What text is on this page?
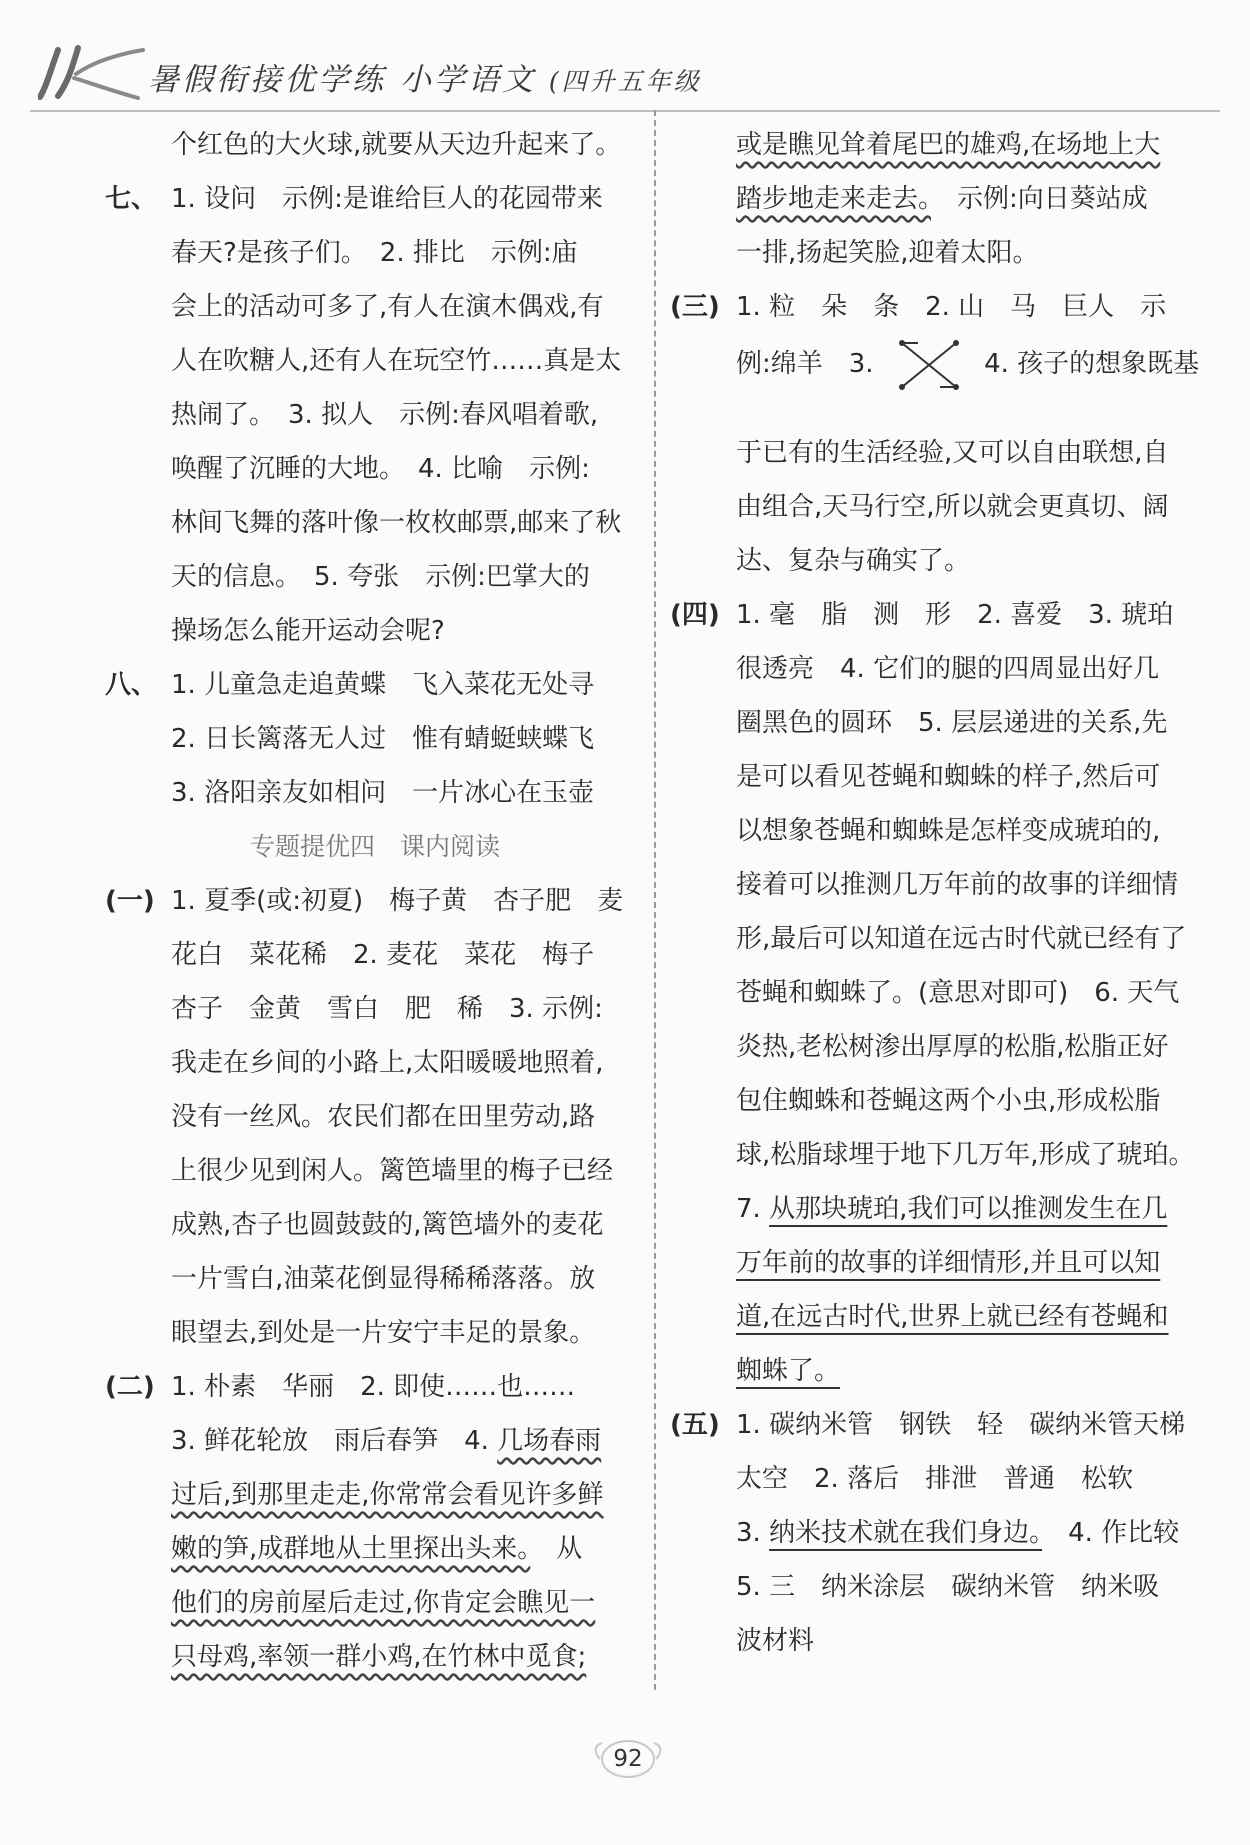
暑假衔接优学练 小学语文 (四升五年级
个红色的大火球,就要从天边升起来了。
七、 1. 设问　示例:是谁给巨人的花园带来
春天?是孩子们。　2. 排比　示例:庙
会上的活动可多了,有人在演木偶戏,有
人在吹糖人,还有人在玩空竹……真是太
热闹了。　3. 拟人　示例:春风唱着歌,
唤醒了沉睡的大地。　4. 比喻　示例:
林间飞舞的落叶像一枚枚邮票,邮来了秋
天的信息。　5. 夸张　示例:巴掌大的
操场怎么能开运动会呢?
八、 1. 儿童急走追黄蝶　飞入菜花无处寻
2. 日长篱落无人过　惟有蜻蜓蛱蝶飞
3. 洛阳亲友如相问　一片冰心在玉壶
专题提优四　课内阅读
(一) 1. 夏季(或:初夏)　梅子黄　杏子肥　麦
花白　菜花稀　2. 麦花　菜花　梅子
杏子　金黄　雪白　肥　稀　3. 示例:
我走在乡间的小路上,太阳暖暖地照着,
没有一丝风。农民们都在田里劳动,路
上很少见到闲人。篱笆墙里的梅子已经
成熟,杏子也圆鼓鼓的,篱笆墙外的麦花
一片雪白,油菜花倒显得稀稀落落。放
眼望去,到处是一片安宁丰足的景象。
(二) 1. 朴素　华丽　2. 即使……也……
3. 鲜花轮放　雨后春笋　4. 几场春雨
过后,到那里走走,你常常会看见许多鲜
嫩的笋,成群地从土里探出头来。　从
他们的房前屋后走过,你肯定会瞧见一
只母鸡,率领一群小鸡,在竹林中觅食;
或是瞧见耸着尾巴的雄鸡,在场地上大
踏步地走来走去。　示例:向日葵站成
一排,扬起笑脸,迎着太阳。
(三) 1. 粒　朵　条　2. 山　马　巨人　示
例:绵羊　3.	4. 孩子的想象既基
于已有的生活经验,又可以自由联想,自
由组合,天马行空,所以就会更真切、阔
达、复杂与确实了。
(四) 1. 毫　脂　测　形　2. 喜爱　3. 琥珀
很透亮　4. 它们的腿的四周显出好几
圈黑色的圆环　5. 层层递进的关系,先
是可以看见苍蝇和蜘蛛的样子,然后可
以想象苍蝇和蜘蛛是怎样变成琥珀的,
接着可以推测几万年前的故事的详细情
形,最后可以知道在远古时代就已经有了
苍蝇和蜘蛛了。(意思对即可)　6. 天气
炎热,老松树渗出厚厚的松脂,松脂正好
包住蜘蛛和苍蝇这两个小虫,形成松脂
球,松脂球埋于地下几万年,形成了琥珀。
7. 从那块琥珀,我们可以推测发生在几
万年前的故事的详细情形,并且可以知
道,在远古时代,世界上就已经有苍蝇和
蜘蛛了。
(五) 1. 碳纳米管　钢铁　轻　碳纳米管天梯
太空　2. 落后　排泄　普通　松软
3. 纳米技术就在我们身边。　4. 作比较
5. 三　纳米涂层　碳纳米管　纳米吸
波材料
92
